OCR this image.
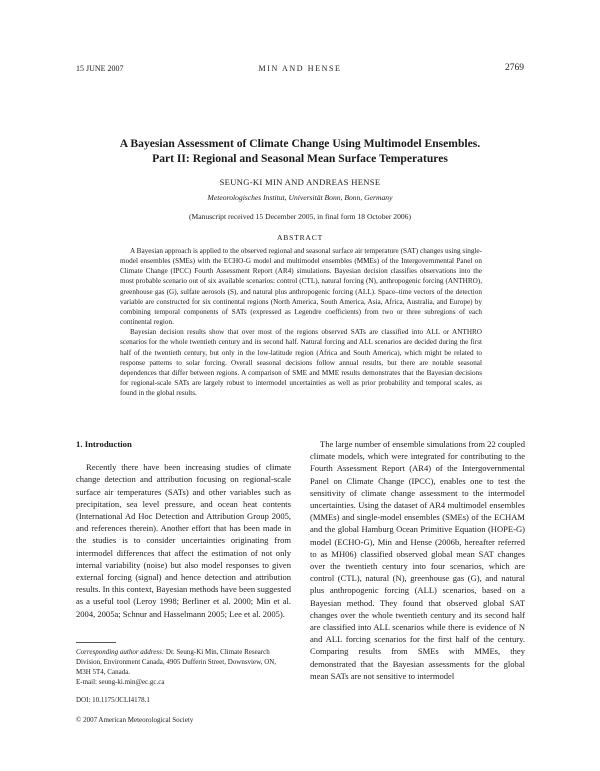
15 JUNE 2007	MIN AND HENSE	2769
A Bayesian Assessment of Climate Change Using Multimodel Ensembles.
Part II: Regional and Seasonal Mean Surface Temperatures
SEUNG-KI MIN AND ANDREAS HENSE
Meteorologisches Institut, Universität Bonn, Bonn, Germany
(Manuscript received 15 December 2005, in final form 18 October 2006)
ABSTRACT

A Bayesian approach is applied to the observed regional and seasonal surface air temperature (SAT) changes using single-model ensembles (SMEs) with the ECHO-G model and multimodel ensembles (MMEs) of the Intergovernmental Panel on Climate Change (IPCC) Fourth Assessment Report (AR4) simulations. Bayesian decision classifies observations into the most probable scenario out of six available scenarios: control (CTL), natural forcing (N), anthropogenic forcing (ANTHRO), greenhouse gas (G), sulfate aerosols (S), and natural plus anthropogenic forcing (ALL). Space–time vectors of the detection variable are constructed for six continental regions (North America, South America, Asia, Africa, Australia, and Europe) by combining temporal components of SATs (expressed as Legendre coefficients) from two or three subregions of each continental region.

Bayesian decision results show that over most of the regions observed SATs are classified into ALL or ANTHRO scenarios for the whole twentieth century and its second half. Natural forcing and ALL scenarios are decided during the first half of the twentieth century, but only in the low-latitude region (Africa and South America), which might be related to response patterns to solar forcing. Overall seasonal decisions follow annual results, but there are notable seasonal dependences that differ between regions. A comparison of SME and MME results demonstrates that the Bayesian decisions for regional-scale SATs are largely robust to intermodel uncertainties as well as prior probability and temporal scales, as found in the global results.

1. Introduction

Recently there have been increasing studies of climate change detection and attribution focusing on regional-scale surface air temperatures (SATs) and other variables such as precipitation, sea level pressure, and ocean heat contents (International Ad Hoc Detection and Attribution Group 2005, and references therein). Another effort that has been made in the studies is to consider uncertainties originating from intermodel differences that affect the estimation of not only internal variability (noise) but also model responses to given external forcing (signal) and hence detection and attribution results. In this context, Bayesian methods have been suggested as a useful tool (Leroy 1998; Berliner et al. 2000; Min et al. 2004, 2005a; Schnur and Hasselmann 2005; Lee et al. 2005).

The large number of ensemble simulations from 22 coupled climate models, which were integrated for contributing to the Fourth Assessment Report (AR4) of the Intergovernmental Panel on Climate Change (IPCC), enables one to test the sensitivity of climate change assessment to the intermodel uncertainties. Using the dataset of AR4 multimodel ensembles (MMEs) and single-model ensembles (SMEs) of the ECHAM and the global Hamburg Ocean Primitive Equation (HOPE-G) model (ECHO-G), Min and Hense (2006b, hereafter referred to as MH06) classified observed global mean SAT changes over the twentieth century into four scenarios, which are control (CTL), natural (N), greenhouse gas (G), and natural plus anthropogenic forcing (ALL) scenarios, based on a Bayesian method. They found that observed global SAT changes over the whole twentieth century and its second half are classified into ALL scenarios while there is evidence of N and ALL forcing scenarios for the first half of the century. Comparing results from SMEs with MMEs, they demonstrated that the Bayesian assessments for the global mean SATs are not sensitive to intermodel

Corresponding author address: Dr. Seung-Ki Min, Climate Research Division, Environment Canada, 4905 Dufferin Street, Downsview, ON, M3H 5T4, Canada.
E-mail: seung-ki.min@ec.gc.ca
DOI: 10.1175/JCLI4178.1
© 2007 American Meteorological Society
